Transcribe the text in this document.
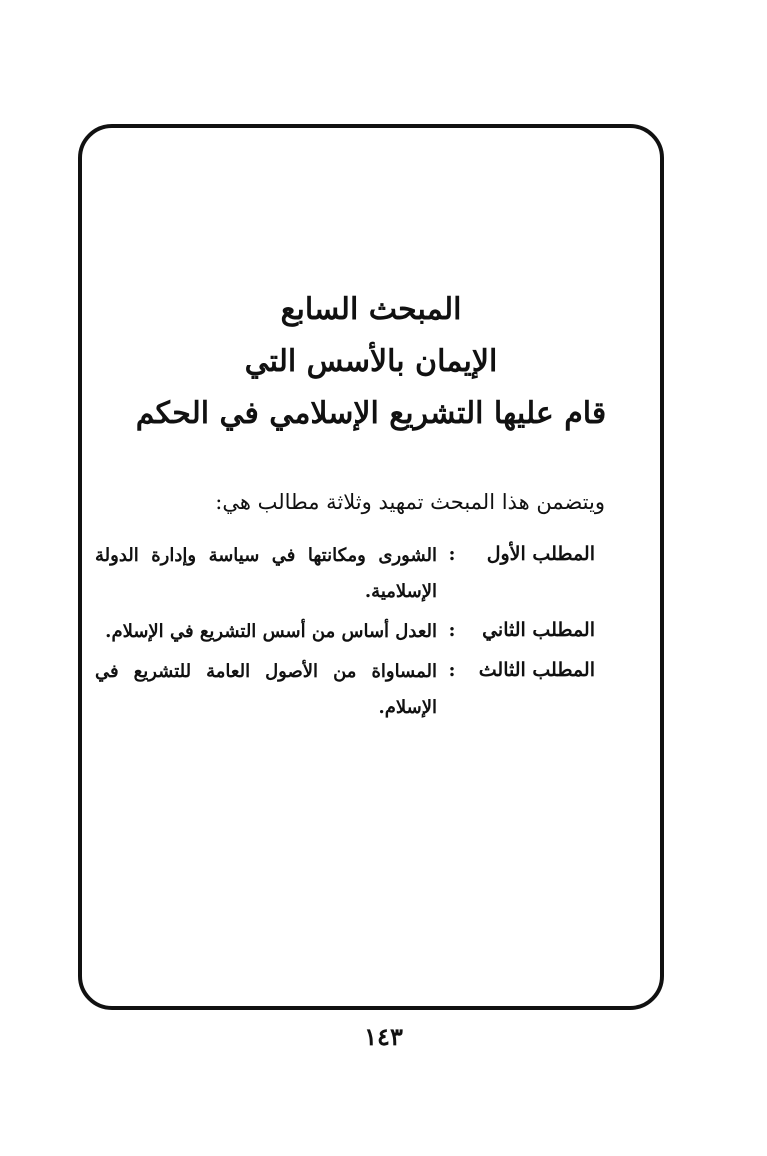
المبحث السابع
الإيمان بالأسس التي
قام عليها التشريع الإسلامي في الحكم
ويتضمن هذا المبحث تمهيد وثلاثة مطالب هي:
المطلب الأول
:
الشورى ومكانتها في سياسة وإدارة الدولة الإسلامية.
المطلب الثاني
:
العدل أساس من أسس التشريع في الإسلام.
المطلب الثالث
:
المساواة من الأصول العامة للتشريع في الإسلام.
١٤٣
